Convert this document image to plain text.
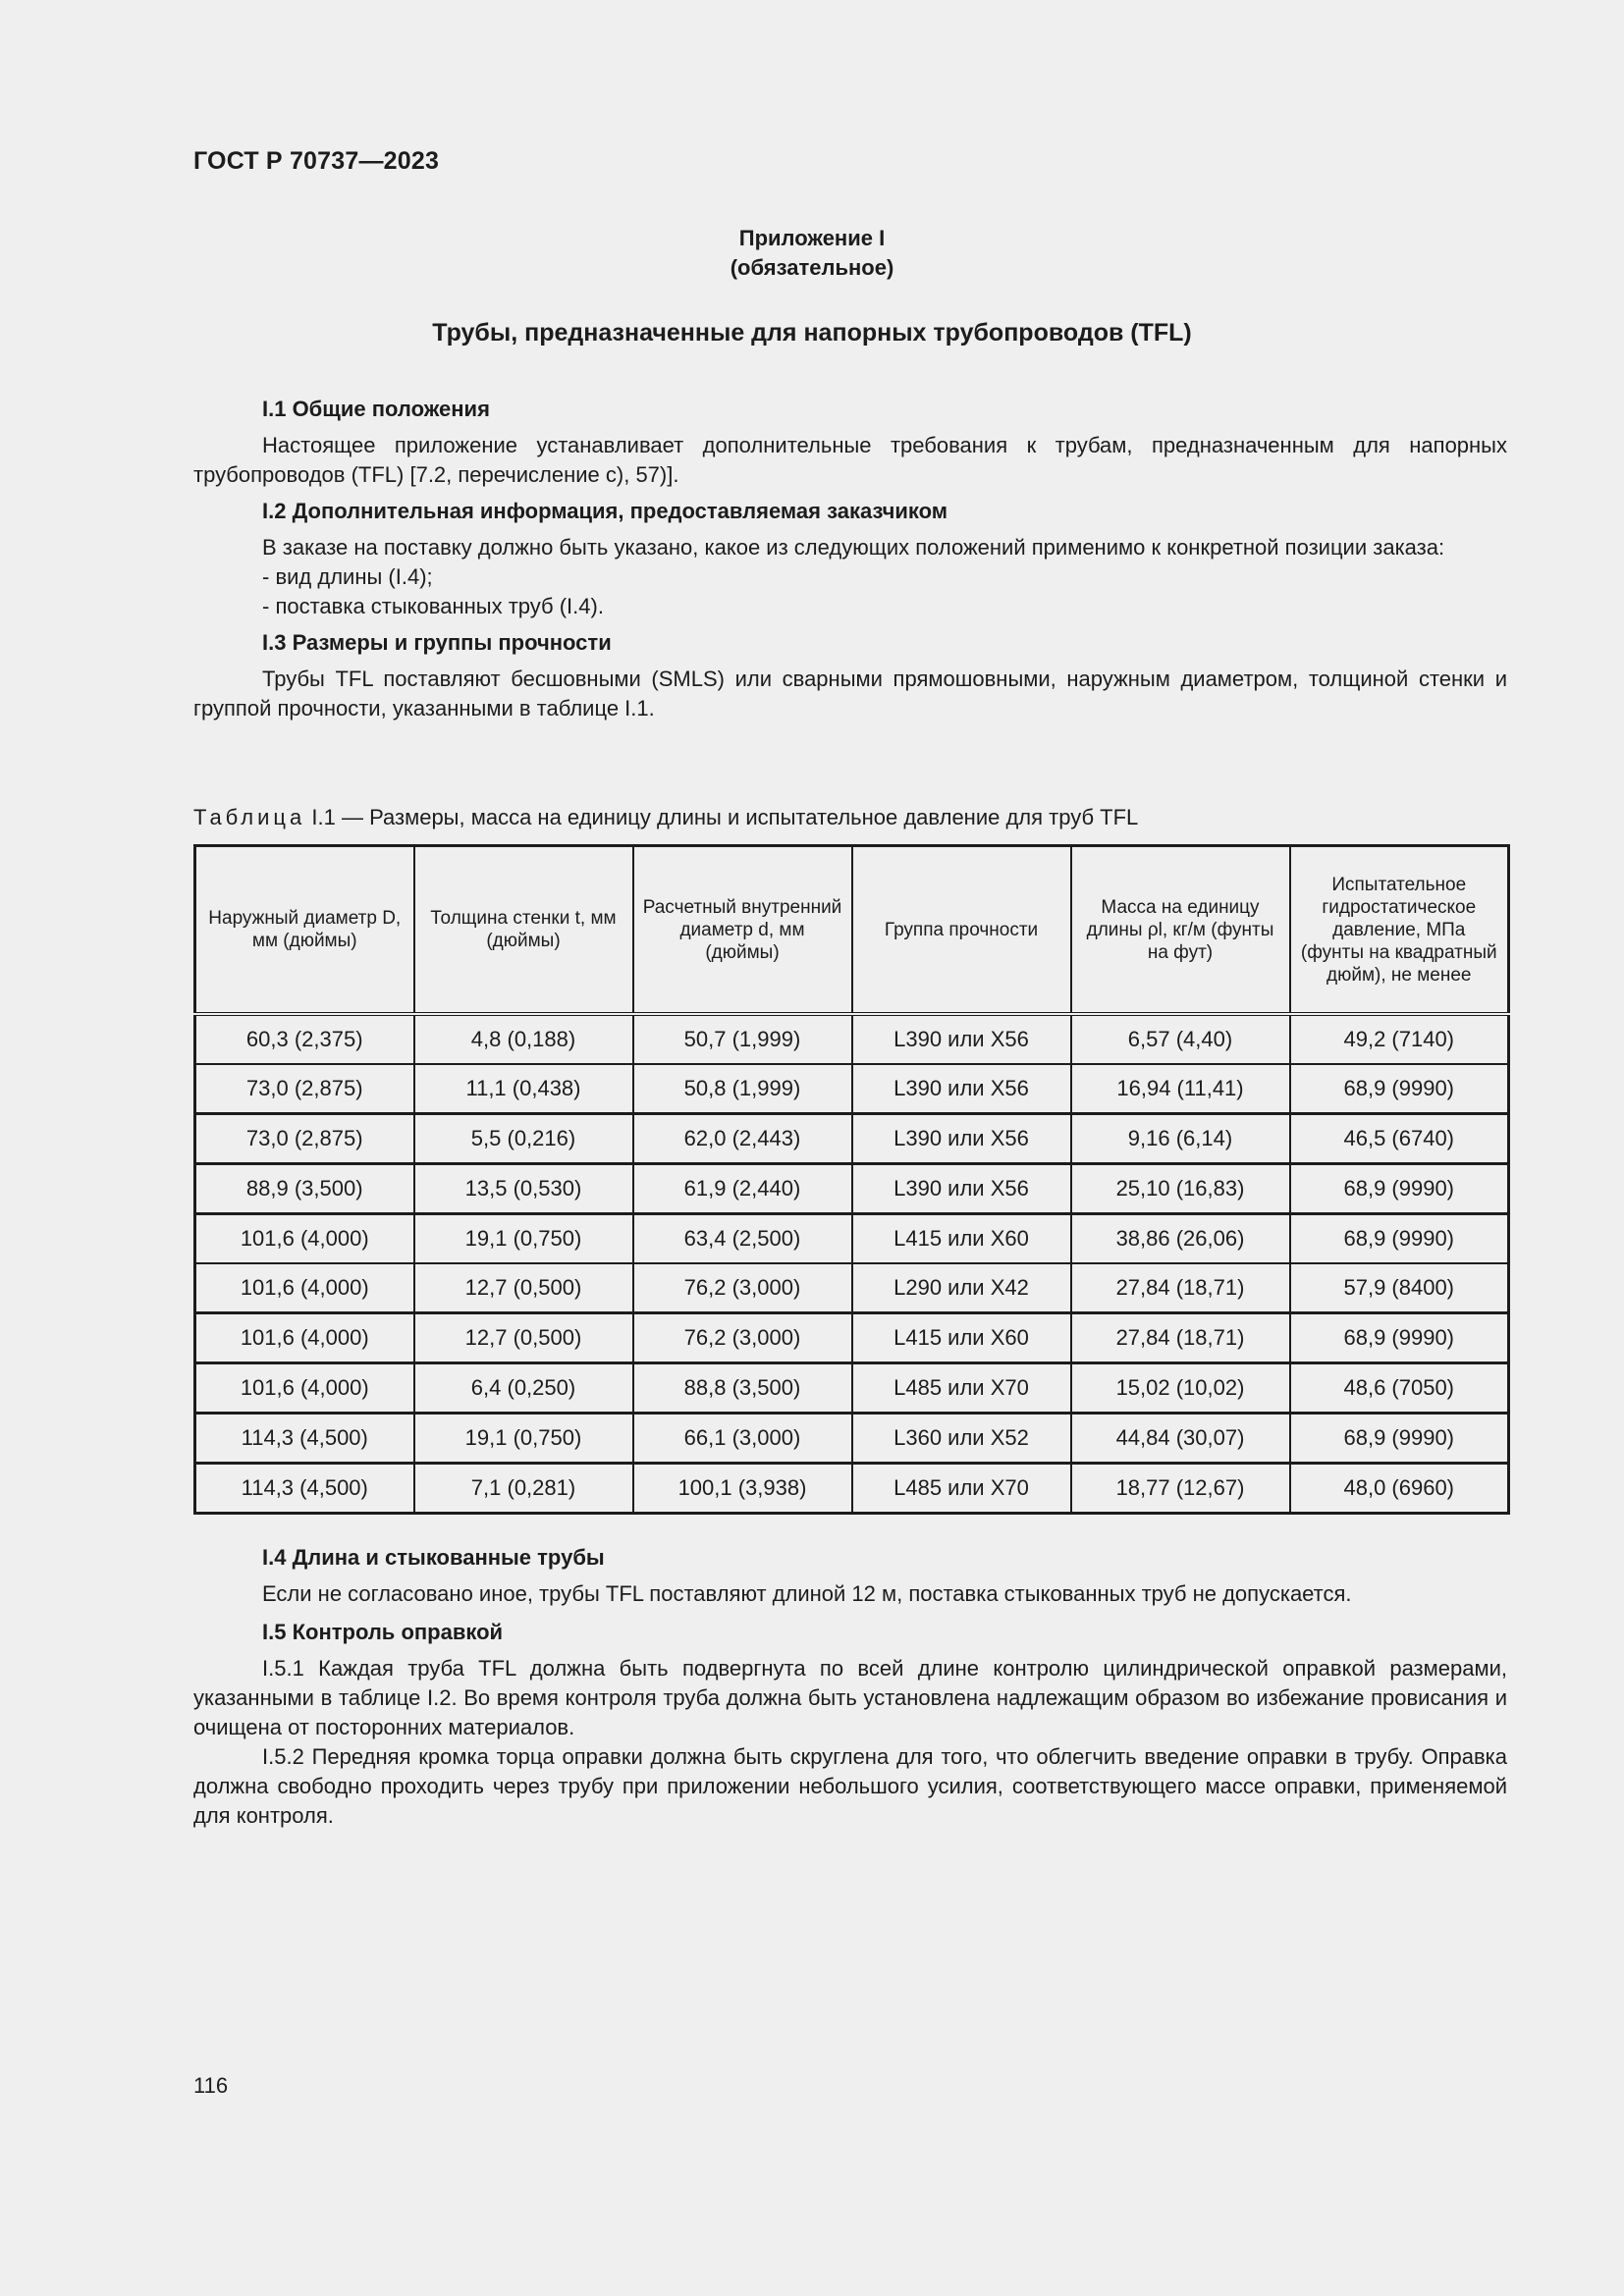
ГОСТ Р 70737—2023
Приложение I
(обязательное)
Трубы, предназначенные для напорных трубопроводов (TFL)
I.1 Общие положения
Настоящее приложение устанавливает дополнительные требования к трубам, предназначенным для напорных трубопроводов (TFL) [7.2, перечисление с), 57)].
I.2 Дополнительная информация, предоставляемая заказчиком
В заказе на поставку должно быть указано, какое из следующих положений применимо к конкретной позиции заказа:
- вид длины (I.4);
- поставка стыкованных труб (I.4).
I.3 Размеры и группы прочности
Трубы TFL поставляют бесшовными (SMLS) или сварными прямошовными, наружным диаметром, толщиной стенки и группой прочности, указанными в таблице I.1.
Таблица I.1 — Размеры, масса на единицу длины и испытательное давление для труб TFL
Наружный диаметр D, мм (дюймы)	Толщина стенки t, мм (дюймы)	Расчетный внутренний диаметр d, мм (дюймы)	Группа прочности	Масса на единицу длины ρl, кг/м (фунты на фут)	Испытательное гидростатическое давление, МПа (фунты на квадратный дюйм), не менее
60,3 (2,375)	4,8 (0,188)	50,7 (1,999)	L390 или X56	6,57 (4,40)	49,2 (7140)
73,0 (2,875)	11,1 (0,438)	50,8 (1,999)	L390 или X56	16,94 (11,41)	68,9 (9990)
73,0 (2,875)	5,5 (0,216)	62,0 (2,443)	L390 или X56	9,16 (6,14)	46,5 (6740)
88,9 (3,500)	13,5 (0,530)	61,9 (2,440)	L390 или X56	25,10 (16,83)	68,9 (9990)
101,6 (4,000)	19,1 (0,750)	63,4 (2,500)	L415 или X60	38,86 (26,06)	68,9 (9990)
101,6 (4,000)	12,7 (0,500)	76,2 (3,000)	L290 или X42	27,84 (18,71)	57,9 (8400)
101,6 (4,000)	12,7 (0,500)	76,2 (3,000)	L415 или X60	27,84 (18,71)	68,9 (9990)
101,6 (4,000)	6,4 (0,250)	88,8 (3,500)	L485 или X70	15,02 (10,02)	48,6 (7050)
114,3 (4,500)	19,1 (0,750)	66,1 (3,000)	L360 или X52	44,84 (30,07)	68,9 (9990)
114,3 (4,500)	7,1 (0,281)	100,1 (3,938)	L485 или X70	18,77 (12,67)	48,0 (6960)
I.4 Длина и стыкованные трубы
Если не согласовано иное, трубы TFL поставляют длиной 12 м, поставка стыкованных труб не допускается.
I.5 Контроль оправкой
I.5.1 Каждая труба TFL должна быть подвергнута по всей длине контролю цилиндрической оправкой размерами, указанными в таблице I.2. Во время контроля труба должна быть установлена надлежащим образом во избежание провисания и очищена от посторонних материалов.
I.5.2 Передняя кромка торца оправки должна быть скруглена для того, что облегчить введение оправки в трубу. Оправка должна свободно проходить через трубу при приложении небольшого усилия, соответствующего массе оправки, применяемой для контроля.
116
